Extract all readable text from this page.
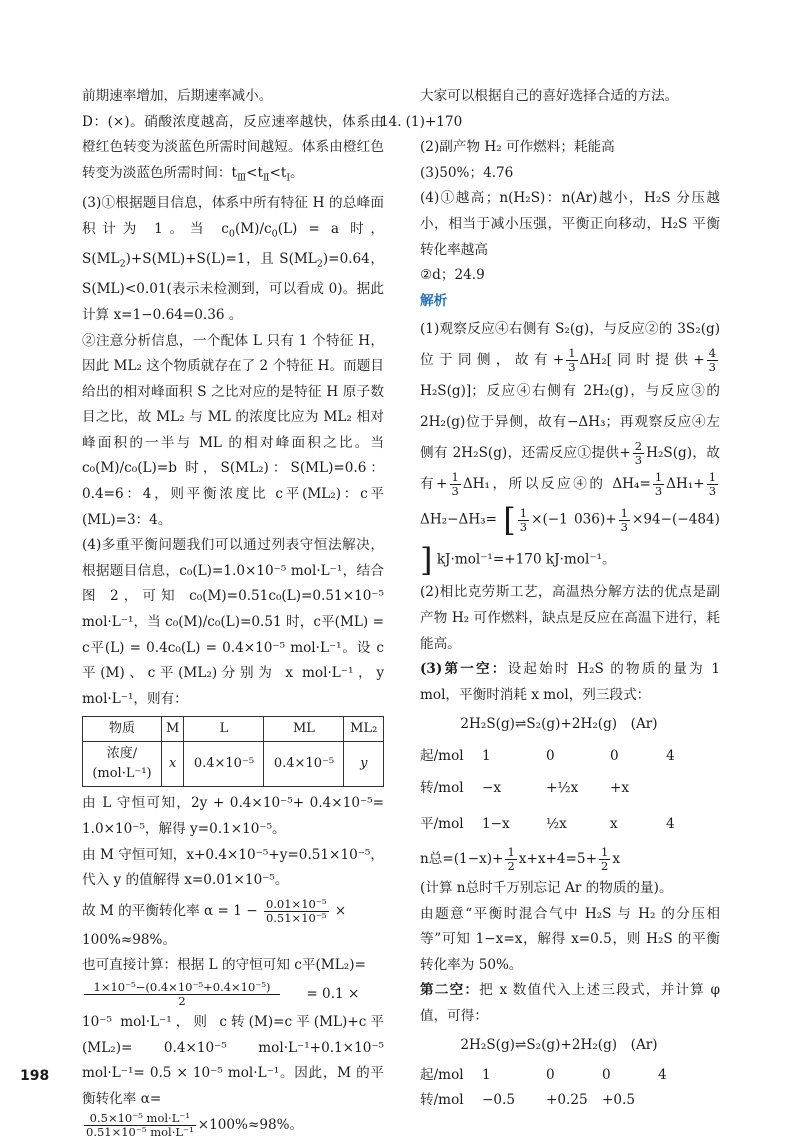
前期速率增加，后期速率减小。

D：(×)。硝酸浓度越高，反应速率越快，体系由橙红色转变为淡蓝色所需时间越短。体系由橙红色转变为淡蓝色所需时间：$t_Ⅲ<t_Ⅱ<t_Ⅰ$。

(3)①根据题目信息，体系中所有特征 H 的总峰面积计为 1。当 $c_0(M)/c_0(L) = a$ 时，$S(ML_2)+S(ML)+S(L)=1$，且 $S(ML_2)=0.64$，S(ML)<0.01(表示未检测到，可以看成 0)。据此计算 x=1−0.64=0.36 。

②注意分析信息，一个配体 L 只有 1 个特征 H，因此 ML₂ 这个物质就存在了 2 个特征 H。而题目给出的相对峰面积 S 之比对应的是特征 H 原子数目之比，故 ML₂ 与 ML 的浓度比应为 ML₂ 相对峰面积的一半与 ML 的相对峰面积之比。当 c₀(M)/c₀(L)=b 时，S(ML₂)：S(ML)=0.6：0.4=6：4，则平衡浓度比 c平(ML₂)：c平(ML)=3：4。

(4)多重平衡问题我们可以通过列表守恒法解决，根据题目信息，c₀(L)=1.0×10⁻⁵ mol·L⁻¹，结合图 2，可知 c₀(M)=0.51c₀(L)=0.51×10⁻⁵ mol·L⁻¹，当 c₀(M)/c₀(L)=0.51 时，c平(ML) = c平(L) = 0.4c₀(L) = 0.4×10⁻⁵ mol·L⁻¹。设 c平(M)、c平(ML₂)分别为 x mol·L⁻¹，y mol·L⁻¹，则有：

物质	M	L	ML	ML₂

浓度/
(mol·L⁻¹)	x	0.4×10⁻⁵	0.4×10⁻⁵	y

由 L 守恒可知，2y + 0.4×10⁻⁵+ 0.4×10⁻⁵= 1.0×10⁻⁵，解得 y=0.1×10⁻⁵。

由 M 守恒可知，x+0.4×10⁻⁵+y=0.51×10⁻⁵，代入 y 的值解得 x=0.01×10⁻⁵。

故 M 的平衡转化率 $\alpha = 1 - \frac{\text{0.01×10⁻⁵}}{\text{0.51×10⁻⁵}}$ ×

100%≈98%。

也可直接计算：根据 L 的守恒可知 c平(ML₂)=

$\frac{\text{1×10⁻⁵−(0.4×10⁻⁵+0.4×10⁻⁵)}}{2} = 0.1$ ×

10⁻⁵ mol·L⁻¹，则 c转(M)=c平(ML)+c平(ML₂)= 0.4×10⁻⁵ mol·L⁻¹+0.1×10⁻⁵ mol·L⁻¹= 0.5 × 10⁻⁵ mol·L⁻¹。因此，M 的平衡转化率 α=

$\frac{\text{0.5×10⁻⁵ mol·L⁻¹}}{\text{0.51×10⁻⁵ mol·L⁻¹}} \times 100\%\approx 98\%$。

大家可以根据自己的喜好选择合适的方法。

14. (1)+170

(2)副产物 H₂ 可作燃料；耗能高

(3)50%；4.76

(4)①越高；n(H₂S)：n(Ar)越小，H₂S 分压越小，相当于减小压强，平衡正向移动，H₂S 平衡转化率越高

②d；24.9

解析

(1)观察反应④右侧有 S₂(g)，与反应②的 3S₂(g)位于同侧，故有+ $\frac{1}{3} \Delta H_2$[同时提供+ $\frac{4}{3}$
H₂S(g)]；反应④右侧有 2H₂(g)，与反应③的 2H₂(g)位于异侧，故有−ΔH₃；再观察反应④左侧有 2H₂S(g)，还需反应①提供+ $\frac{2}{3} H_2S(g)$，故有+ $\frac{1}{3} \Delta H_1$，所以反应④的 $\Delta H_4= \frac{1}{3} \Delta H_1+ \frac{1}{3}$
ΔH₂−ΔH₃= [ $\frac{1}{3} \times(-1$ $036)+ \frac{1}{3} \times 94-(-484)$] kJ·mol⁻¹=+170 kJ·mol⁻¹。

(2)相比克劳斯工艺，高温热分解方法的优点是副产物 H₂ 可作燃料，缺点是反应在高温下进行，耗能高。

(3)第一空：设起始时 H₂S 的物质的量为 1 mol，平衡时消耗 x mol，列三段式：

2H₂S(g)⇌S₂(g)+2H₂(g)　(Ar)
起/mol	1	0	0	4
转/mol	−x	+½x	+x
平/mol	1−x	½x	x	4

n总$=(1-x)+ \frac{1}{2} x+x+4=5+ \frac{1}{2}$ x

(计算 n总时千万别忘记 Ar 的物质的量)。

由题意“平衡时混合气中 H₂S 与 H₂ 的分压相等”可知 1−x=x，解得 x=0.5，则 H₂S 的平衡转化率为 50%。

第二空：把 x 数值代入上述三段式，并计算 φ 值，可得：

2H₂S(g)⇌S₂(g)+2H₂(g)　(Ar)
起/mol	1	0	0	4
转/mol	−0.5	+0.25	+0.5
198
